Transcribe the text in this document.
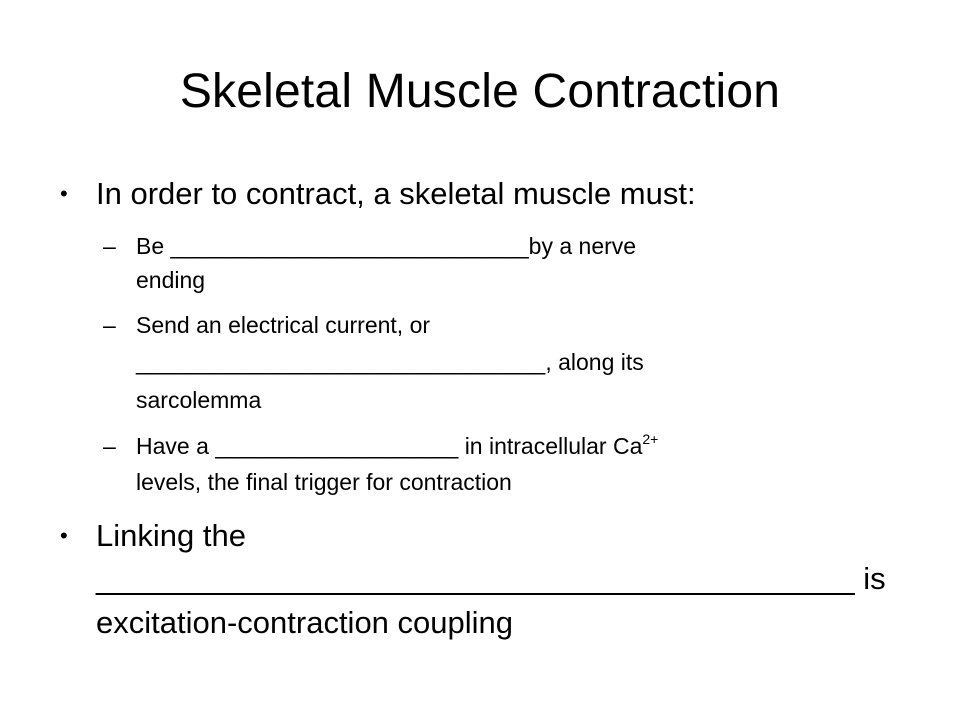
Skeletal Muscle Contraction
• In order to contract, a skeletal muscle must:
– Be ____________________________by a nerve
ending
– Send an electrical current, or
________________________________, along its
sarcolemma
– Have a ___________________ in intracellular $Ca^{2+}$
levels, the final trigger for contraction
• Linking the
____________________________________________ is
excitation-contraction coupling
